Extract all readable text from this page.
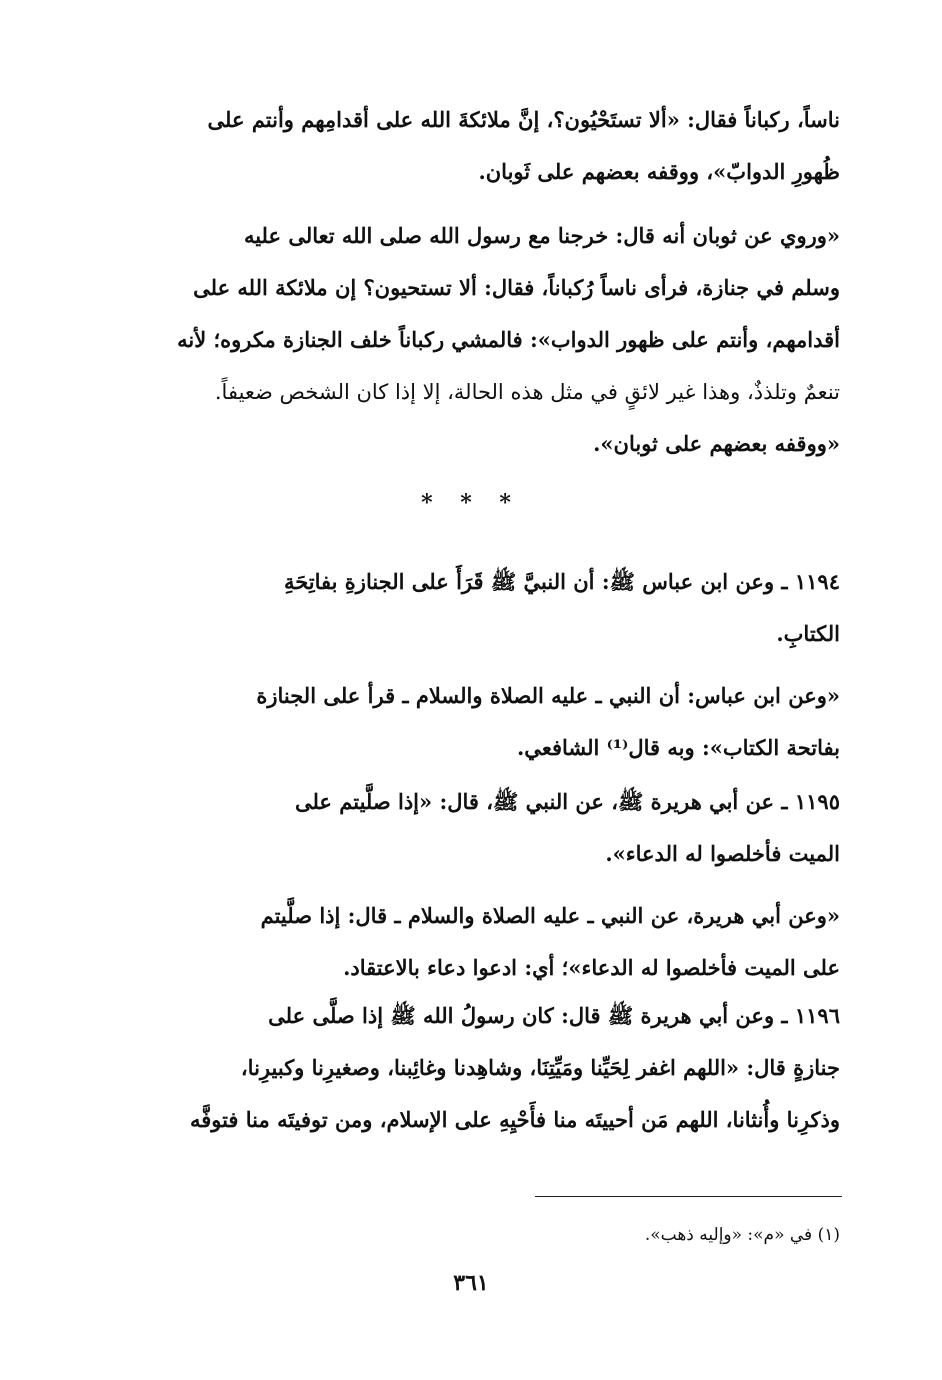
ناساً، ركباناً فقال: «ألا تستَحْيُون؟، إنَّ ملائكةَ الله على أقدامِهم وأنتم على
ظُهورِ الدوابّ»، ووقفه بعضهم على ثَوبان.
«وروي عن ثوبان أنه قال: خرجنا مع رسول الله صلى الله تعالى عليه
وسلم في جنازة، فرأى ناساً رُكباناً، فقال: ألا تستحيون؟ إن ملائكة الله على
أقدامهم، وأنتم على ظهور الدواب»: فالمشي ركباناً خلف الجنازة مكروه؛ لأنه
تنعمٌ وتلذذٌ، وهذا غير لائقٍ في مثل هذه الحالة، إلا إذا كان الشخص ضعيفاً.
«ووقفه بعضهم على ثوبان».
* * *
١١٩٤ ـ وعن ابن عباس ﷺ: أن النبيَّ ﷺ قَرَأَ على الجنازةِ بفاتِحَةِ
الكتابِ.
«وعن ابن عباس: أن النبي ـ عليه الصلاة والسلام ـ قرأ على الجنازة
بفاتحة الكتاب»: وبه قال⁽¹⁾ الشافعي.
١١٩٥ ـ عن أبي هريرة ﷺ، عن النبي ﷺ، قال: «إذا صلَّيتم على
الميت فأخلصوا له الدعاء».
«وعن أبي هريرة، عن النبي ـ عليه الصلاة والسلام ـ قال: إذا صلَّيتم
على الميت فأخلصوا له الدعاء»؛ أي: ادعوا دعاء بالاعتقاد.
١١٩٦ ـ وعن أبي هريرة ﷺ قال: كان رسولُ الله ﷺ إذا صلَّى على
جنازةٍ قال: «اللهم اغفر لِحَيِّنا ومَيِّتِنَا، وشاهِدنا وغائِبنا، وصغيرِنا وكبيرِنا،
وذكرِنا وأُنثانا، اللهم مَن أحييتَه منا فأَحْيِهِ على الإسلام، ومن توفيتَه منا فتوفَّه
(١) في «م»: «وإليه ذهب».
٣٦١
